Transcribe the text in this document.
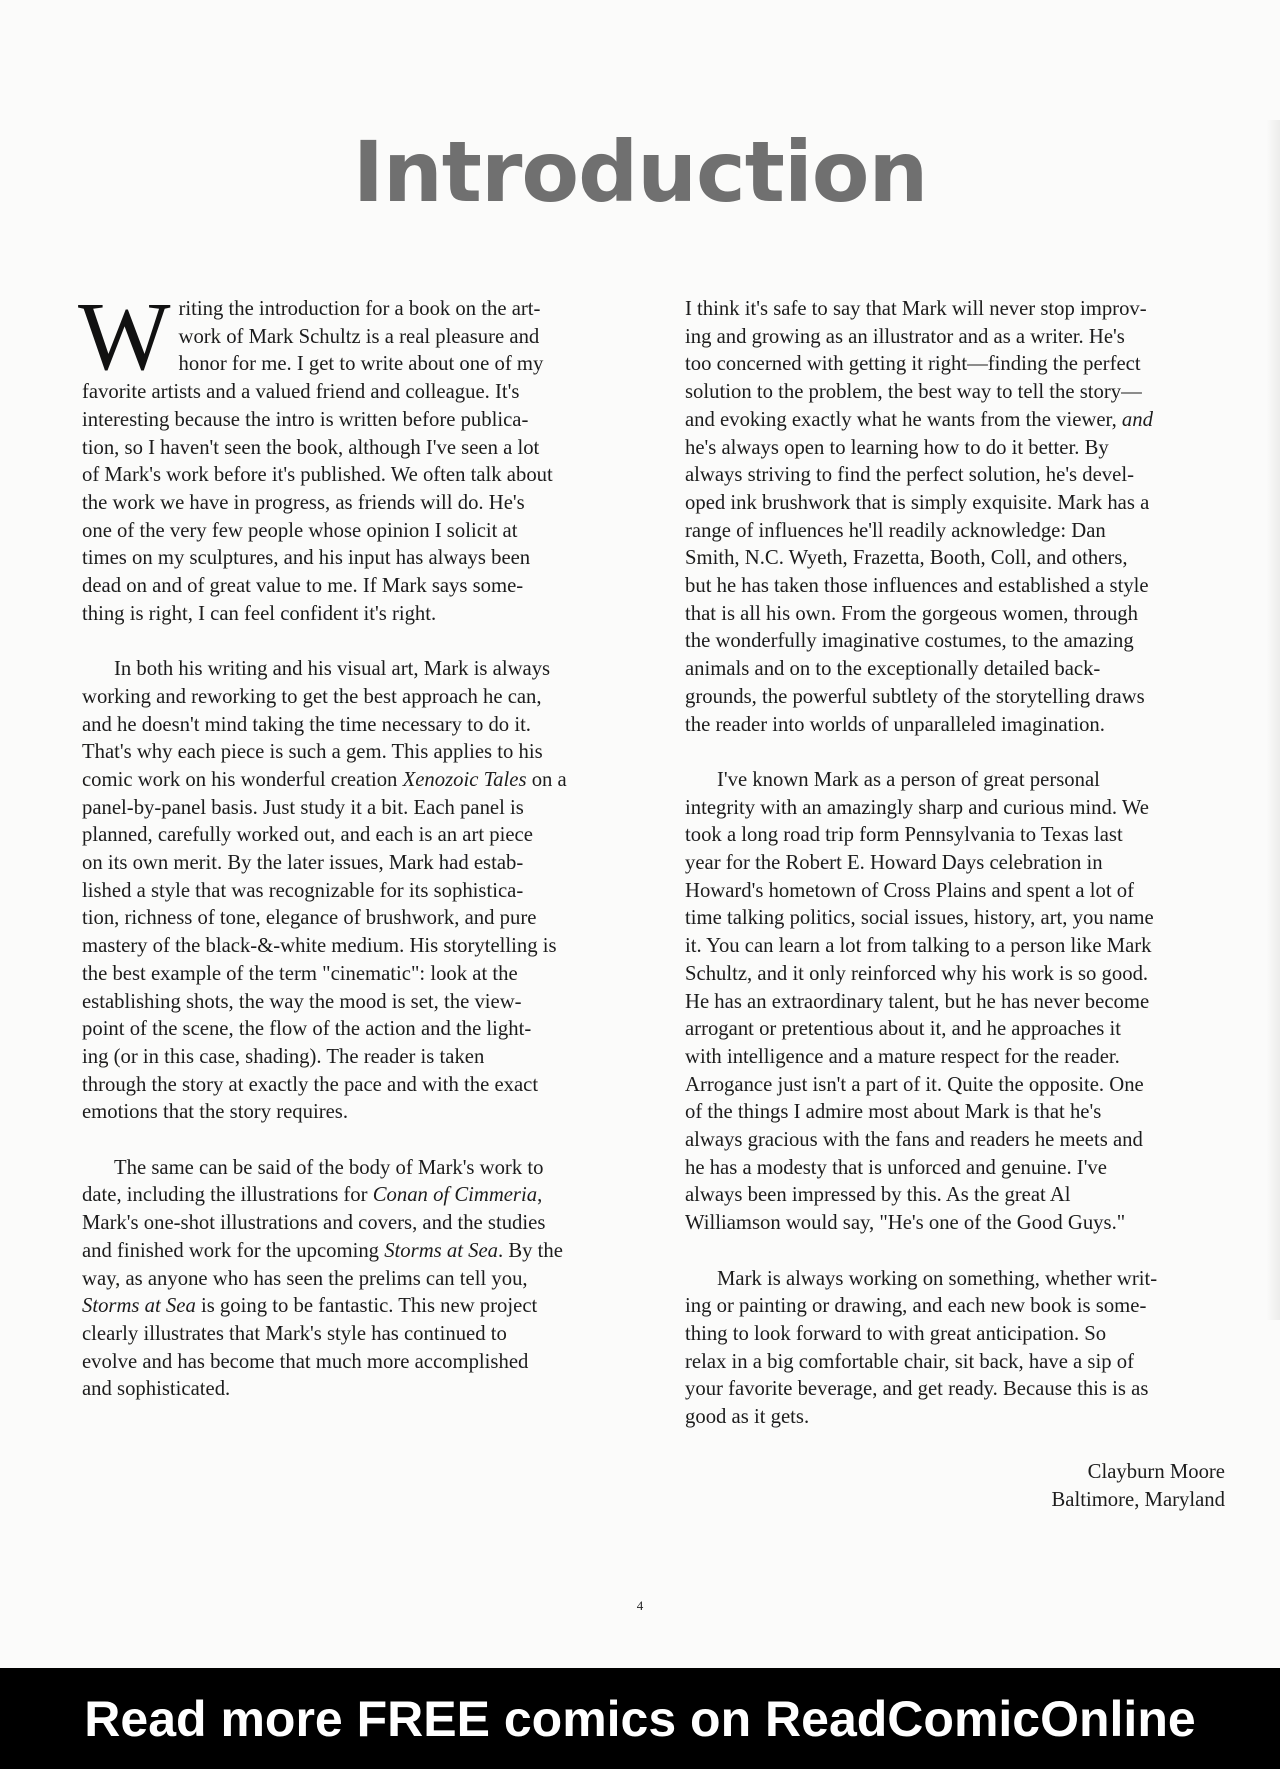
Introduction

W riting the introduction for a book on the art-
work of Mark Schultz is a real pleasure and
honor for me. I get to write about one of my
favorite artists and a valued friend and colleague. It's
interesting because the intro is written before publica-
tion, so I haven't seen the book, although I've seen a lot
of Mark's work before it's published. We often talk about
the work we have in progress, as friends will do. He's
one of the very few people whose opinion I solicit at
times on my sculptures, and his input has always been
dead on and of great value to me. If Mark says some-
thing is right, I can feel confident it's right.

In both his writing and his visual art, Mark is always
working and reworking to get the best approach he can,
and he doesn't mind taking the time necessary to do it.
That's why each piece is such a gem. This applies to his
comic work on his wonderful creation Xenozoic Tales on a
panel-by-panel basis. Just study it a bit. Each panel is
planned, carefully worked out, and each is an art piece
on its own merit. By the later issues, Mark had estab-
lished a style that was recognizable for its sophistica-
tion, richness of tone, elegance of brushwork, and pure
mastery of the black-&-white medium. His storytelling is
the best example of the term "cinematic": look at the
establishing shots, the way the mood is set, the view-
point of the scene, the flow of the action and the light-
ing (or in this case, shading). The reader is taken
through the story at exactly the pace and with the exact
emotions that the story requires.

The same can be said of the body of Mark's work to
date, including the illustrations for Conan of Cimmeria,
Mark's one-shot illustrations and covers, and the studies
and finished work for the upcoming Storms at Sea. By the
way, as anyone who has seen the prelims can tell you,
Storms at Sea is going to be fantastic. This new project
clearly illustrates that Mark's style has continued to
evolve and has become that much more accomplished
and sophisticated.

I think it's safe to say that Mark will never stop improv-
ing and growing as an illustrator and as a writer. He's
too concerned with getting it right—finding the perfect
solution to the problem, the best way to tell the story—
and evoking exactly what he wants from the viewer, and
he's always open to learning how to do it better. By
always striving to find the perfect solution, he's devel-
oped ink brushwork that is simply exquisite. Mark has a
range of influences he'll readily acknowledge: Dan
Smith, N.C. Wyeth, Frazetta, Booth, Coll, and others,
but he has taken those influences and established a style
that is all his own. From the gorgeous women, through
the wonderfully imaginative costumes, to the amazing
animals and on to the exceptionally detailed back-
grounds, the powerful subtlety of the storytelling draws
the reader into worlds of unparalleled imagination.

I've known Mark as a person of great personal
integrity with an amazingly sharp and curious mind. We
took a long road trip form Pennsylvania to Texas last
year for the Robert E. Howard Days celebration in
Howard's hometown of Cross Plains and spent a lot of
time talking politics, social issues, history, art, you name
it. You can learn a lot from talking to a person like Mark
Schultz, and it only reinforced why his work is so good.
He has an extraordinary talent, but he has never become
arrogant or pretentious about it, and he approaches it
with intelligence and a mature respect for the reader.
Arrogance just isn't a part of it. Quite the opposite. One
of the things I admire most about Mark is that he's
always gracious with the fans and readers he meets and
he has a modesty that is unforced and genuine. I've
always been impressed by this. As the great Al
Williamson would say, "He's one of the Good Guys."

Mark is always working on something, whether writ-
ing or painting or drawing, and each new book is some-
thing to look forward to with great anticipation. So
relax in a big comfortable chair, sit back, have a sip of
your favorite beverage, and get ready. Because this is as
good as it gets.

Clayburn Moore
Baltimore, Maryland
4
Read more FREE comics on ReadComicOnline
